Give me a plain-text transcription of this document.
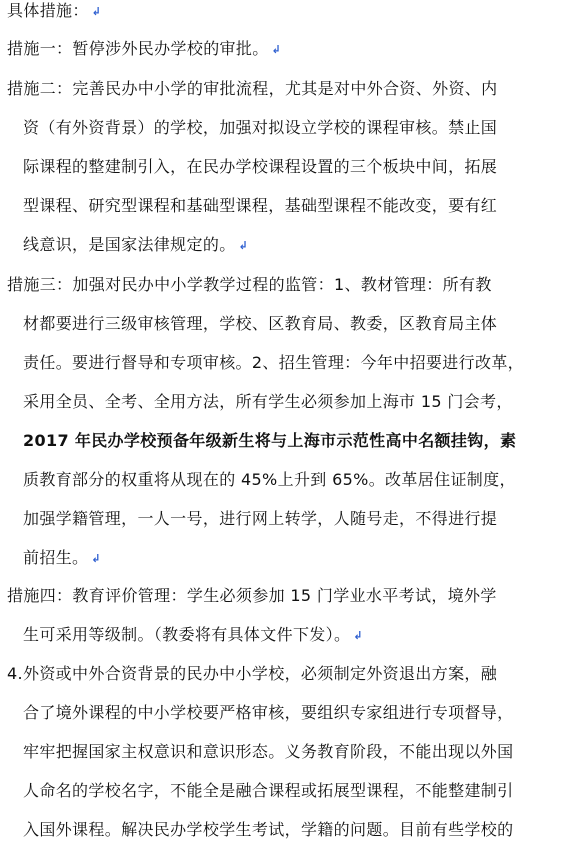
具体措施： ↲
措施一：暂停涉外民办学校的审批。 ↲
措施二：完善民办中小学的审批流程，尤其是对中外合资、外资、内
资（有外资背景）的学校，加强对拟设立学校的课程审核。禁止国
际课程的整建制引入，在民办学校课程设置的三个板块中间，拓展
型课程、研究型课程和基础型课程，基础型课程不能改变，要有红
线意识，是国家法律规定的。 ↲
措施三：加强对民办中小学教学过程的监管：1、教材管理：所有教
材都要进行三级审核管理，学校、区教育局、教委，区教育局主体
责任。要进行督导和专项审核。2、招生管理：今年中招要进行改革，
采用全员、全考、全用方法，所有学生必须参加上海市 15 门会考，
2017 年民办学校预备年级新生将与上海市示范性高中名额挂钩，素
质教育部分的权重将从现在的 45%上升到 65%。改革居住证制度，
加强学籍管理，一人一号，进行网上转学，人随号走，不得进行提
前招生。 ↲
措施四：教育评价管理：学生必须参加 15 门学业水平考试，境外学
生可采用等级制。（教委将有具体文件下发）。 ↲
4.外资或中外合资背景的民办中小学校，必须制定外资退出方案，融
合了境外课程的中小学校要严格审核，要组织专家组进行专项督导，
牢牢把握国家主权意识和意识形态。义务教育阶段，不能出现以外国
人命名的学校名字，不能全是融合课程或拓展型课程，不能整建制引
入国外课程。解决民办学校学生考试，学籍的问题。目前有些学校的
